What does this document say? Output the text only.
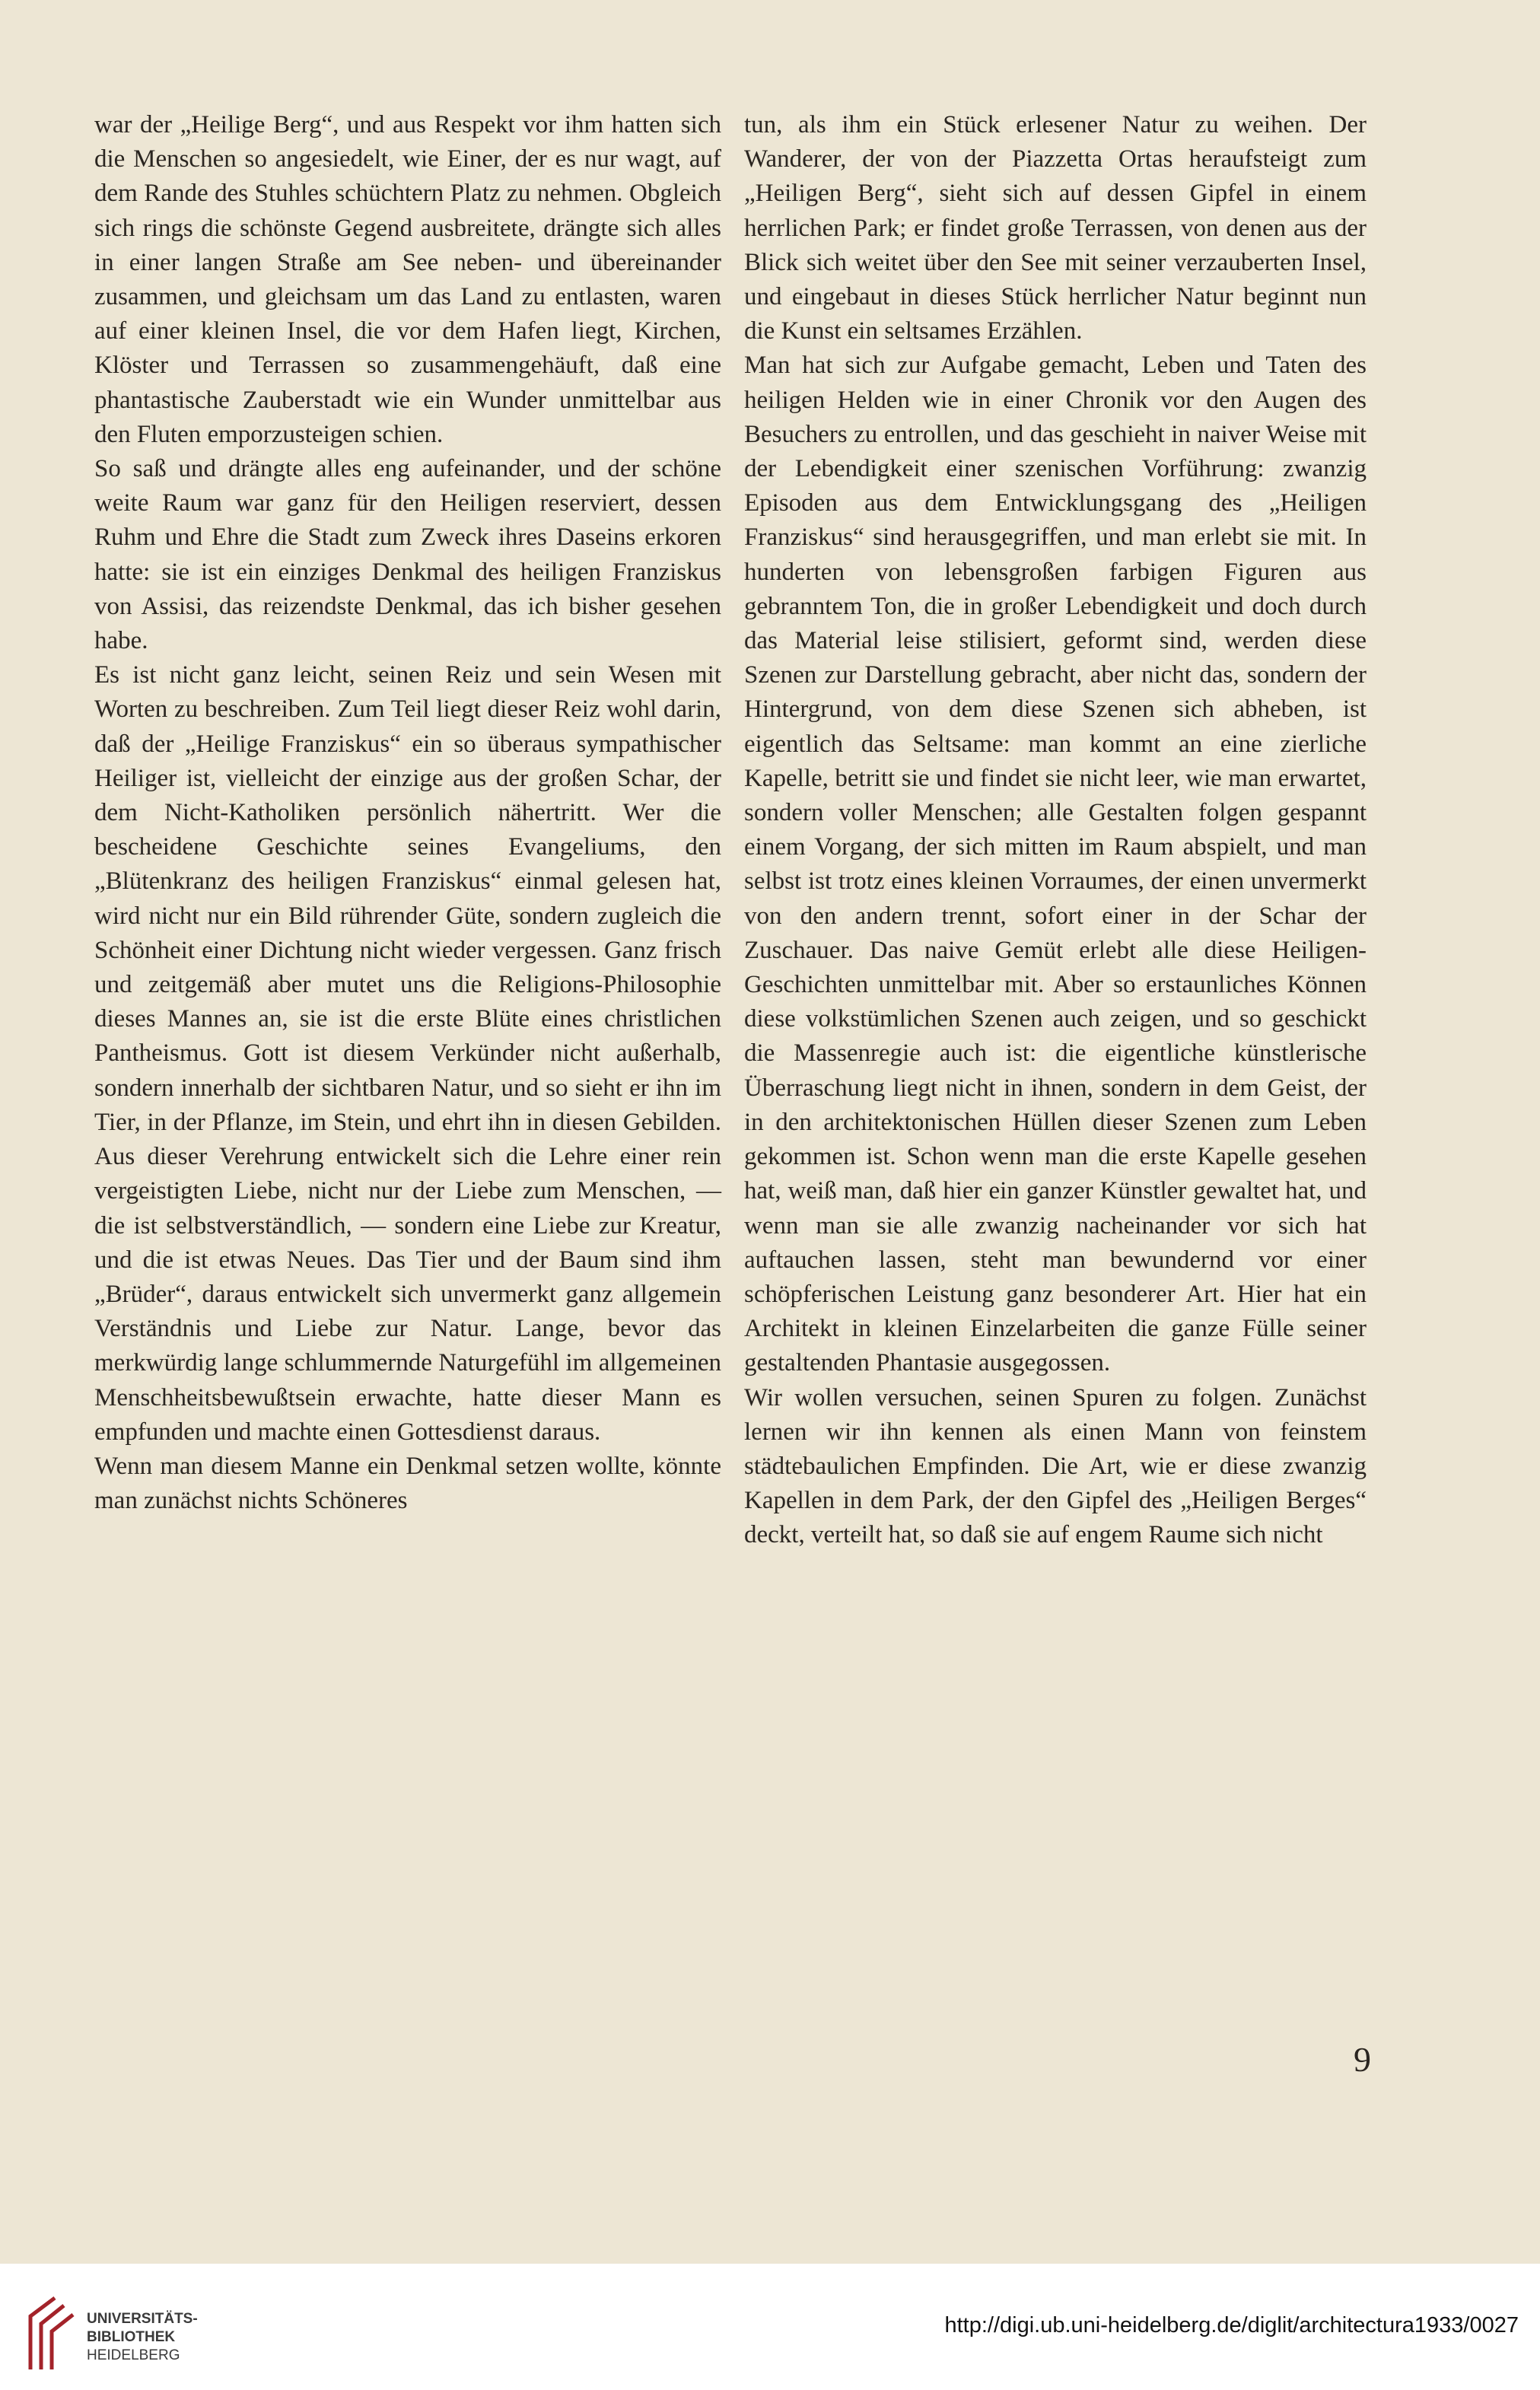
war der „Heilige Berg“, und aus Respekt vor ihm hatten sich die Menschen so angesiedelt, wie Einer, der es nur wagt, auf dem Rande des Stuhles schüchtern Platz zu nehmen. Obgleich sich rings die schönste Gegend ausbreitete, drängte sich alles in einer langen Straße am See neben- und übereinander zusammen, und gleichsam um das Land zu entlasten, waren auf einer kleinen Insel, die vor dem Hafen liegt, Kirchen, Klöster und Terrassen so zusammengehäuft, daß eine phantastische Zauberstadt wie ein Wunder unmittelbar aus den Fluten emporzusteigen schien.

So saß und drängte alles eng aufeinander, und der schöne weite Raum war ganz für den Heiligen reserviert, dessen Ruhm und Ehre die Stadt zum Zweck ihres Daseins erkoren hatte: sie ist ein einziges Denkmal des heiligen Franziskus von Assisi, das reizendste Denkmal, das ich bisher gesehen habe.

Es ist nicht ganz leicht, seinen Reiz und sein Wesen mit Worten zu beschreiben. Zum Teil liegt dieser Reiz wohl darin, daß der „Heilige Franziskus“ ein so überaus sympathischer Heiliger ist, vielleicht der einzige aus der großen Schar, der dem Nicht-Katholiken persönlich nähertritt. Wer die bescheidene Geschichte seines Evangeliums, den „Blütenkranz des heiligen Franziskus“ einmal gelesen hat, wird nicht nur ein Bild rührender Güte, sondern zugleich die Schönheit einer Dichtung nicht wieder vergessen. Ganz frisch und zeitgemäß aber mutet uns die Religions-Philosophie dieses Mannes an, sie ist die erste Blüte eines christlichen Pantheismus. Gott ist diesem Verkünder nicht außerhalb, sondern innerhalb der sichtbaren Natur, und so sieht er ihn im Tier, in der Pflanze, im Stein, und ehrt ihn in diesen Gebilden. Aus dieser Verehrung entwickelt sich die Lehre einer rein vergeistigten Liebe, nicht nur der Liebe zum Menschen, — die ist selbstverständlich, — sondern eine Liebe zur Kreatur, und die ist etwas Neues. Das Tier und der Baum sind ihm „Brüder“, daraus entwickelt sich unvermerkt ganz allgemein Verständnis und Liebe zur Natur. Lange, bevor das merkwürdig lange schlummernde Naturgefühl im allgemeinen Menschheitsbewußtsein erwachte, hatte dieser Mann es empfunden und machte einen Gottesdienst daraus.

Wenn man diesem Manne ein Denkmal setzen wollte, könnte man zunächst nichts Schöneres

tun, als ihm ein Stück erlesener Natur zu weihen. Der Wanderer, der von der Piazzetta Ortas heraufsteigt zum „Heiligen Berg“, sieht sich auf dessen Gipfel in einem herrlichen Park; er findet große Terrassen, von denen aus der Blick sich weitet über den See mit seiner verzauberten Insel, und eingebaut in dieses Stück herrlicher Natur beginnt nun die Kunst ein seltsames Erzählen.

Man hat sich zur Aufgabe gemacht, Leben und Taten des heiligen Helden wie in einer Chronik vor den Augen des Besuchers zu entrollen, und das geschieht in naiver Weise mit der Lebendigkeit einer szenischen Vorführung: zwanzig Episoden aus dem Entwicklungsgang des „Heiligen Franziskus“ sind herausgegriffen, und man erlebt sie mit. In hunderten von lebensgroßen farbigen Figuren aus gebranntem Ton, die in großer Lebendigkeit und doch durch das Material leise stilisiert, geformt sind, werden diese Szenen zur Darstellung gebracht, aber nicht das, sondern der Hintergrund, von dem diese Szenen sich abheben, ist eigentlich das Seltsame: man kommt an eine zierliche Kapelle, betritt sie und findet sie nicht leer, wie man erwartet, sondern voller Menschen; alle Gestalten folgen gespannt einem Vorgang, der sich mitten im Raum abspielt, und man selbst ist trotz eines kleinen Vorraumes, der einen unvermerkt von den andern trennt, sofort einer in der Schar der Zuschauer. Das naive Gemüt erlebt alle diese Heiligen-Geschichten unmittelbar mit. Aber so erstaunliches Können diese volkstümlichen Szenen auch zeigen, und so geschickt die Massenregie auch ist: die eigentliche künstlerische Überraschung liegt nicht in ihnen, sondern in dem Geist, der in den architektonischen Hüllen dieser Szenen zum Leben gekommen ist. Schon wenn man die erste Kapelle gesehen hat, weiß man, daß hier ein ganzer Künstler gewaltet hat, und wenn man sie alle zwanzig nacheinander vor sich hat auftauchen lassen, steht man bewundernd vor einer schöpferischen Leistung ganz besonderer Art. Hier hat ein Architekt in kleinen Einzelarbeiten die ganze Fülle seiner gestaltenden Phantasie ausgegossen.

Wir wollen versuchen, seinen Spuren zu folgen. Zunächst lernen wir ihn kennen als einen Mann von feinstem städtebaulichen Empfinden. Die Art, wie er diese zwanzig Kapellen in dem Park, der den Gipfel des „Heiligen Berges“ deckt, verteilt hat, so daß sie auf engem Raume sich nicht

9
UNIVERSITÄTS-
BIBLIOTHEK
HEIDELBERG
http://digi.ub.uni-heidelberg.de/diglit/architectura1933/0027
